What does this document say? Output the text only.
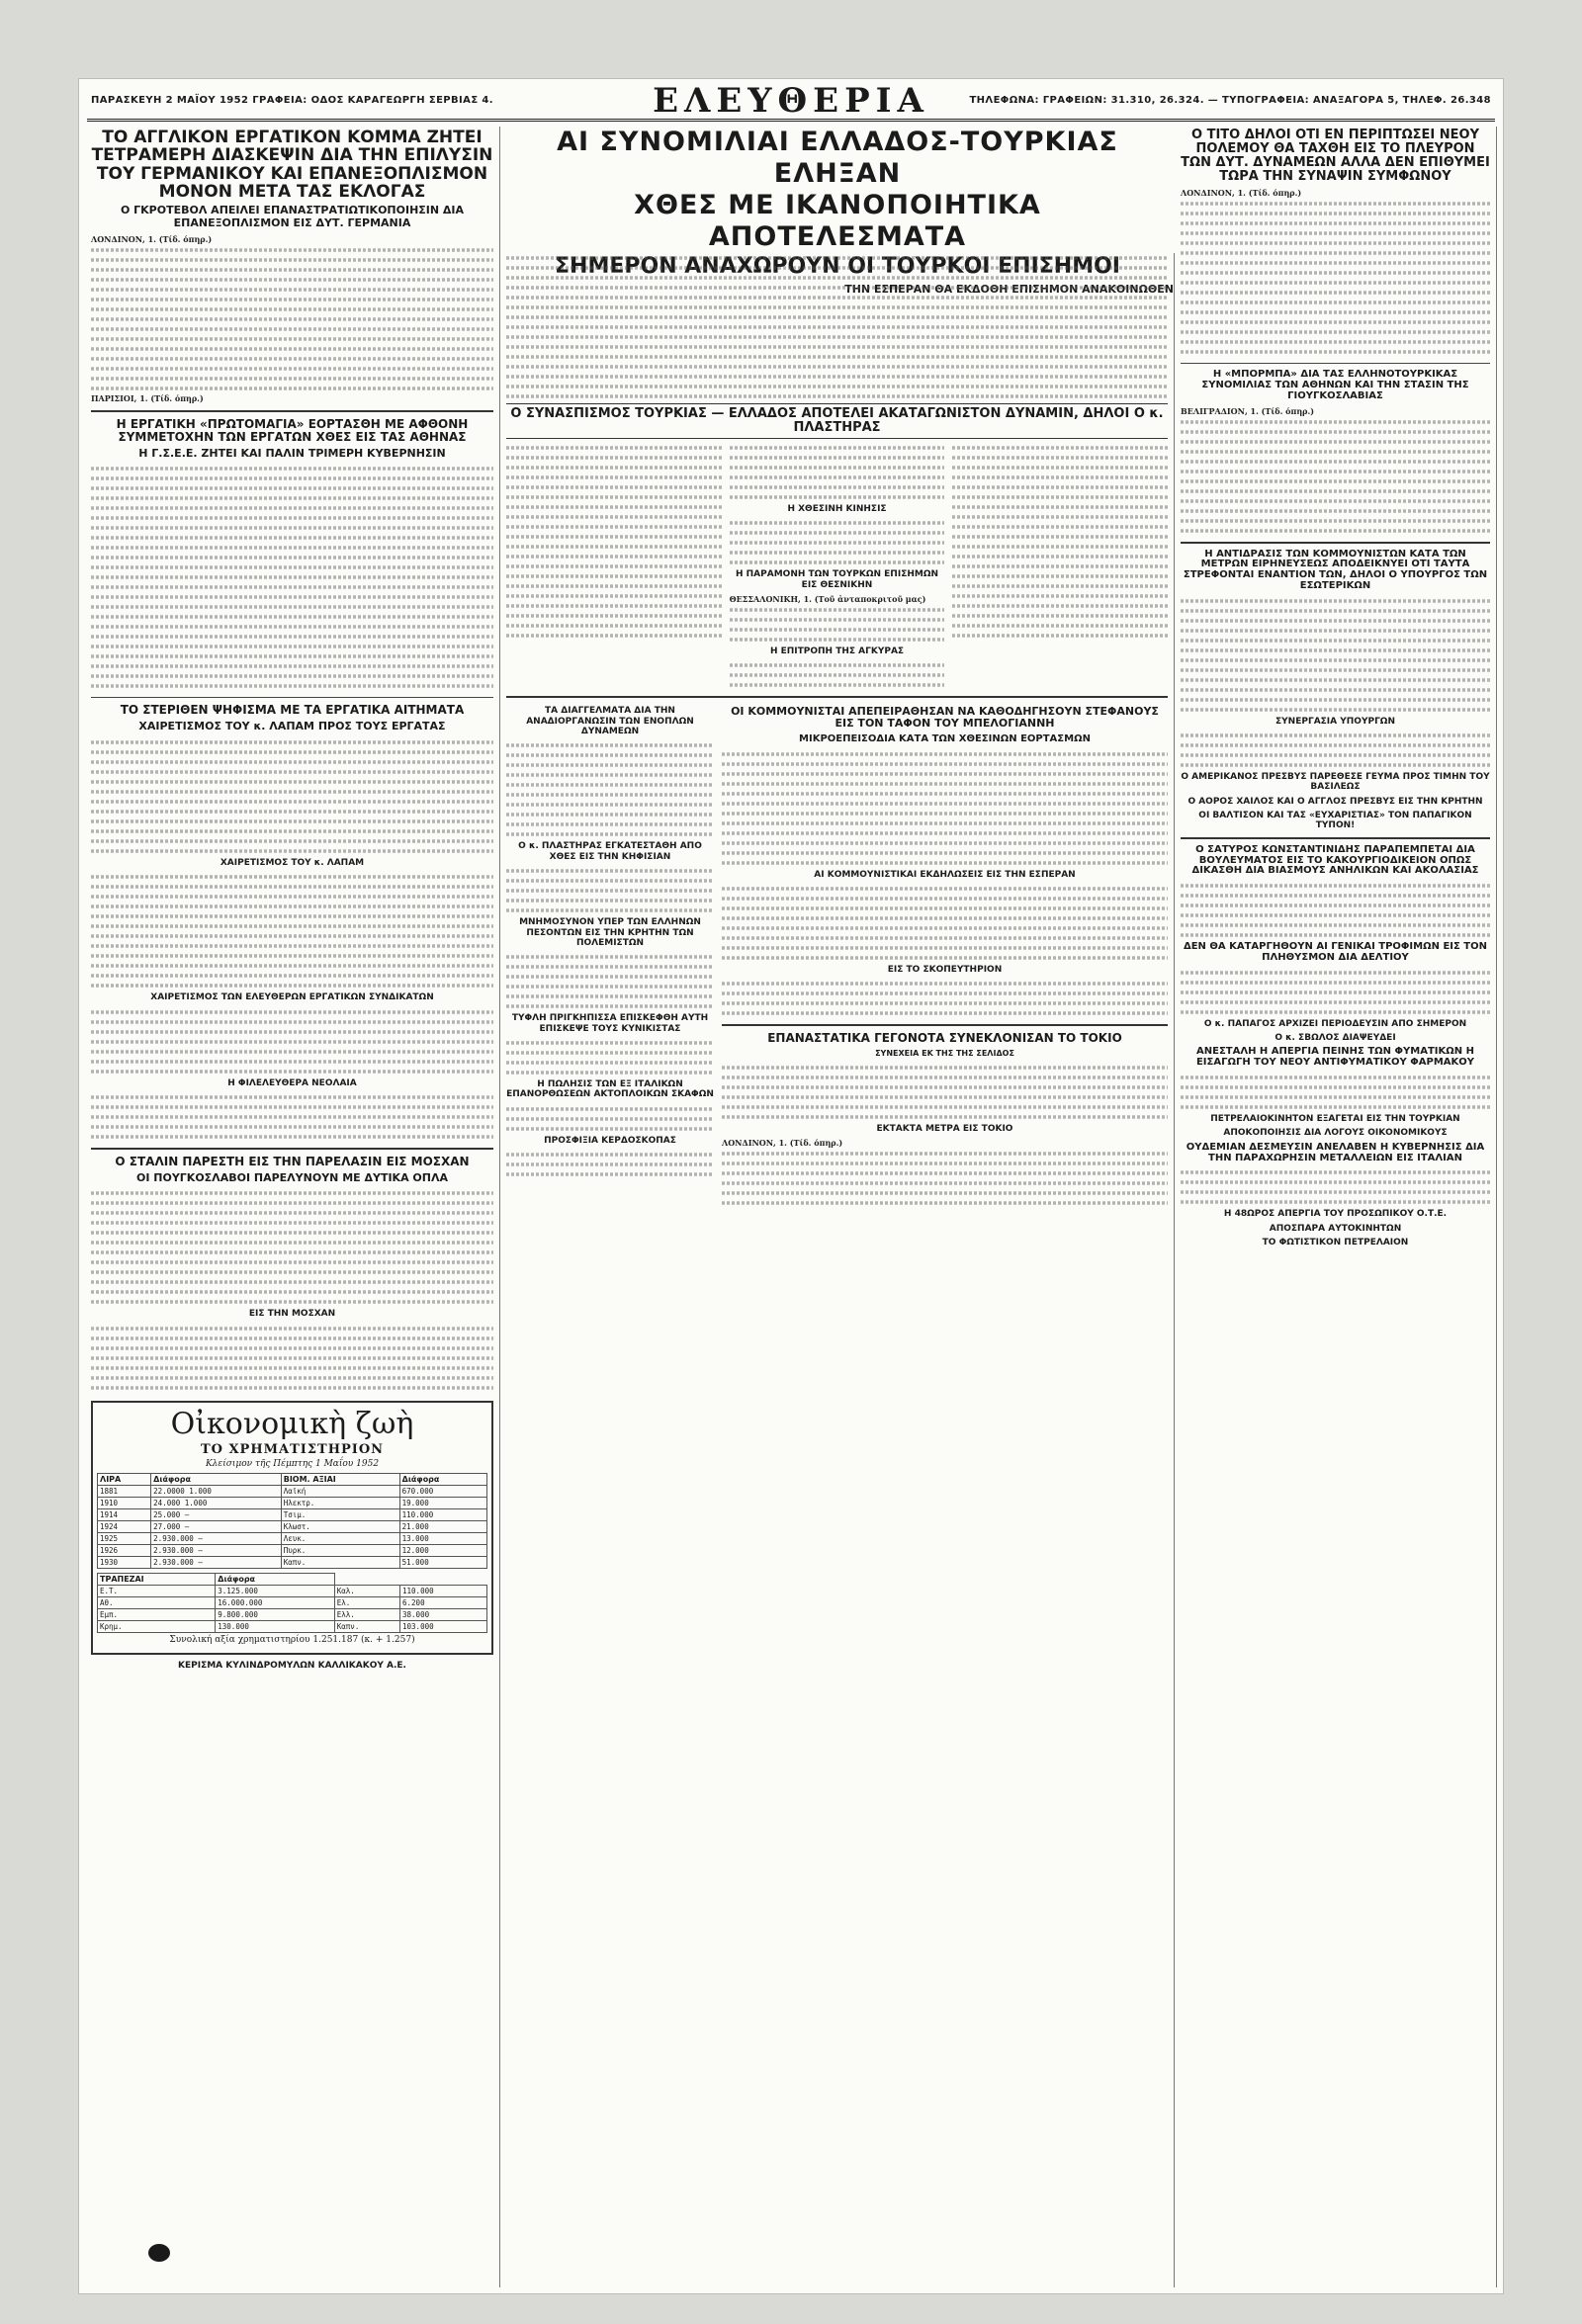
ΠΑΡΑΣΚΕΥΗ 2 ΜΑΪΟΥ 1952 ΓΡΑΦΕΙΑ: ΟΔΟΣ ΚΑΡΑΓΕΩΡΓΗ ΣΕΡΒΙΑΣ 4.	ΕΛΕΥΘΕΡΙΑ	ΤΗΛΕΦΩΝΑ: ΓΡΑΦΕΙΩΝ: 31.310, 26.324. — ΤΥΠΟΓΡΑΦΕΙΑ: ΑΝΑΞΑΓΟΡΑ 5, ΤΗΛΕΦ. 26.348
ΤΟ ΑΓΓΛΙΚΟΝ ΕΡΓΑΤΙΚΟΝ ΚΟΜΜΑ ΖΗΤΕΙ ΤΕΤΡΑΜΕΡΗ ΔΙΑΣΚΕΨΙΝ ΔΙΑ ΤΗΝ ΕΠΙΛΥΣΙΝ ΤΟΥ ΓΕΡΜΑΝΙΚΟΥ ΚΑΙ ΕΠΑΝΕΞΟΠΛΙΣΜΟΝ ΜΟΝΟΝ ΜΕΤΑ ΤΑΣ ΕΚΛΟΓΑΣ
Ο ΓΚΡΟΤΕΒΟΛ ΑΠΕΙΛΕΙ ΕΠΑΝΑΣΤΡΑΤΙΩΤΙΚΟΠΟΙΗΣΙΝ ΔΙΑ ΕΠΑΝΕΞΟΠΛΙΣΜΟΝ ΕΙΣ ΔΥΤ. ΓΕΡΜΑΝΙΑ

ΛΟΝΔΙΝΟΝ, 1. (Τίδ. όπηρ.)

ΠΑΡΙΣΙΟΙ, 1. (Τίδ. όπηρ.)

Η ΕΡΓΑΤΙΚΗ «ΠΡΩΤΟΜΑΓΙΑ» ΕΟΡΤΑΣΘΗ ΜΕ ΑΦΘΟΝΗ ΣΥΜΜΕΤΟΧΗΝ ΤΩΝ ΕΡΓΑΤΩΝ ΧΘΕΣ ΕΙΣ ΤΑΣ ΑΘΗΝΑΣ
Η Γ.Σ.Ε.Ε. ΖΗΤΕΙ ΚΑΙ ΠΑΛΙΝ ΤΡΙΜΕΡΗ ΚΥΒΕΡΝΗΣΙΝ
ΤΟ ΣΤΕΡΙΘΕΝ ΨΗΦΙΣΜΑ ΜΕ ΤΑ ΕΡΓΑΤΙΚΑ ΑΙΤΗΜΑΤΑ
ΧΑΙΡΕΤΙΣΜΟΣ ΤΟΥ κ. ΛΑΠΑΜ ΠΡΟΣ ΤΟΥΣ ΕΡΓΑΤΑΣ
ΧΑΙΡΕΤΙΣΜΟΣ ΤΟΥ κ. ΛΑΠΑΜ
ΧΑΙΡΕΤΙΣΜΟΣ ΤΩΝ ΕΛΕΥΘΕΡΩΝ ΕΡΓΑΤΙΚΩΝ ΣΥΝΔΙΚΑΤΩΝ
Η ΦΙΛΕΛΕΥΘΕΡΑ ΝΕΟΛΑΙΑ
Ο ΣΤΑΛΙΝ ΠΑΡΕΣΤΗ ΕΙΣ ΤΗΝ ΠΑΡΕΛΑΣΙΝ ΕΙΣ ΜΟΣΧΑΝ
ΟΙ ΠΟΥΓΚΟΣΛΑΒΟΙ ΠΑΡΕΛΥΝΟΥΝ ΜΕ ΔΥΤΙΚΑ ΟΠΛΑ
ΕΙΣ ΤΗΝ ΜΟΣΧΑΝ
Οἰκονομικὴ ζωὴ
ΤΟ ΧΡΗΜΑΤΙΣΤΗΡΙΟΝ
Κλείσιμον τῆς Πέμπτης 1 Μαΐου 1952
ΛΙΡΑ	Διάφορα	ΒΙΟΜ. ΑΞΙΑΙ	Διάφορα
1881	22.0000 1.000	Λαϊκή	670.000
1910	24.000 1.000	Ηλεκτρ.	19.000
1914	25.000 —	Τσιμ.	110.000
1924	27.000 —	Κλωστ.	21.000
1925	2.930.000 —	Λευκ.	13.000
1926	2.930.000 —	Πυρκ.	12.000
1930	2.930.000 —	Καπν.	51.000
ΤΡΑΠΕΖΑΙ	Διάφορα		
Ε.Τ.	3.125.000	Καλ.	110.000
Αθ.	16.000.000	Ελ.	6.200
Εμπ.	9.800.000	Ελλ.	38.000
Κρημ.	130.000	Καπν.	103.000
Συνολική αξία χρηματιστηρίου 1.251.187 (κ. + 1.257)
ΚΕΡΙΣΜΑ ΚΥΛΙΝΔΡΟΜΥΛΩΝ ΚΑΛΛΙΚΑΚΟΥ Α.Ε.
ΑΙ ΣΥΝΟΜΙΛΙΑΙ ΕΛΛΑΔΟΣ-ΤΟΥΡΚΙΑΣ ΕΛΗΞΑΝ
ΧΘΕΣ ΜΕ ΙΚΑΝΟΠΟΙΗΤΙΚΑ ΑΠΟΤΕΛΕΣΜΑΤΑ
ΣΗΜΕΡΟΝ ΑΝΑΧΩΡΟΥΝ ΟΙ ΤΟΥΡΚΟΙ ΕΠΙΣΗΜΟΙ
ΤΗΝ ΕΣΠΕΡΑΝ ΘΑ ΕΚΔΟΘΗ ΕΠΙΣΗΜΟΝ ΑΝΑΚΟΙΝΩΘΕΝ
Ο ΣΥΝΑΣΠΙΣΜΟΣ ΤΟΥΡΚΙΑΣ — ΕΛΛΑΔΟΣ ΑΠΟΤΕΛΕΙ ΑΚΑΤΑΓΩΝΙΣΤΟΝ ΔΥΝΑΜΙΝ, ΔΗΛΟΙ Ο κ. ΠΛΑΣΤΗΡΑΣ
Η ΧΘΕΣΙΝΗ ΚΙΝΗΣΙΣ
Η ΠΑΡΑΜΟΝΗ ΤΩΝ ΤΟΥΡΚΩΝ ΕΠΙΣΗΜΩΝ ΕΙΣ ΘΕΣΝΙΚΗΝ

ΘΕΣΣΑΛΟΝΙΚΗ, 1. (Τοῦ ἀνταποκριτοῦ μας)

Η ΕΠΙΤΡΟΠΗ ΤΗΣ ΑΓΚΥΡΑΣ
ΤΑ ΔΙΑΓΓΕΛΜΑΤΑ ΔΙΑ ΤΗΝ ΑΝΑΔΙΟΡΓΑΝΩΣΙΝ ΤΩΝ ΕΝΟΠΛΩΝ ΔΥΝΑΜΕΩΝ
Ο κ. ΠΛΑΣΤΗΡΑΣ ΕΓΚΑΤΕΣΤΑΘΗ ΑΠΟ ΧΘΕΣ ΕΙΣ ΤΗΝ ΚΗΦΙΣΙΑΝ
ΜΝΗΜΟΣΥΝΟΝ ΥΠΕΡ ΤΩΝ ΕΛΛΗΝΩΝ ΠΕΣΟΝΤΩΝ ΕΙΣ ΤΗΝ ΚΡΗΤΗΝ ΤΩΝ ΠΟΛΕΜΙΣΤΩΝ
ΤΥΦΛΗ ΠΡΙΓΚΗΠΙΣΣΑ ΕΠΙΣΚΕΦΘΗ ΑΥΤΗ ΕΠΙΣΚΕΨΕ ΤΟΥΣ ΚΥΝΙΚΙΣΤΑΣ
Η ΠΩΛΗΣΙΣ ΤΩΝ ΕΞ ΙΤΑΛΙΚΩΝ ΕΠΑΝΟΡΘΩΣΕΩΝ ΑΚΤΟΠΛΟΙΚΩΝ ΣΚΑΦΩΝ
ΠΡΟΣΦΙΞΙΑ ΚΕΡΔΟΣΚΟΠΑΣ
ΟΙ ΚΟΜΜΟΥΝΙΣΤΑΙ ΑΠΕΠΕΙΡΑΘΗΣΑΝ ΝΑ ΚΑΘΟΔΗΓΗΣΟΥΝ ΣΤΕΦΑΝΟΥΣ ΕΙΣ ΤΟΝ ΤΑΦΟΝ ΤΟΥ ΜΠΕΛΟΓΙΑΝΝΗ
ΜΙΚΡΟΕΠΕΙΣΟΔΙΑ ΚΑΤΑ ΤΩΝ ΧΘΕΣΙΝΩΝ ΕΟΡΤΑΣΜΩΝ
ΑΙ ΚΟΜΜΟΥΝΙΣΤΙΚΑΙ ΕΚΔΗΛΩΣΕΙΣ ΕΙΣ ΤΗΝ ΕΣΠΕΡΑΝ
ΕΙΣ ΤΟ ΣΚΟΠΕΥΤΗΡΙΟΝ
ΕΠΑΝΑΣΤΑΤΙΚΑ ΓΕΓΟΝΟΤΑ ΣΥΝΕΚΛΟΝΙΣΑΝ ΤΟ ΤΟΚΙΟ
ΣΥΝΕΧΕΙΑ ΕΚ ΤΗΣ ΤΗΣ ΣΕΛΙΔΟΣ
ΕΚΤΑΚΤΑ ΜΕΤΡΑ ΕΙΣ ΤΟΚΙΟ

ΛΟΝΔΙΝΟΝ, 1. (Τίδ. όπηρ.)

Ο ΤΙΤΟ ΔΗΛΟΙ ΟΤΙ ΕΝ ΠΕΡΙΠΤΩΣΕΙ ΝΕΟΥ ΠΟΛΕΜΟΥ ΘΑ ΤΑΧΘΗ ΕΙΣ ΤΟ ΠΛΕΥΡΟΝ ΤΩΝ ΔΥΤ. ΔΥΝΑΜΕΩΝ ΑΛΛΑ ΔΕΝ ΕΠΙΘΥΜΕΙ ΤΩΡΑ ΤΗΝ ΣΥΝΑΨΙΝ ΣΥΜΦΩΝΟΥ

ΛΟΝΔΙΝΟΝ, 1. (Τίδ. όπηρ.)

Η «ΜΠΟΡΜΠΑ» ΔΙΑ ΤΑΣ ΕΛΛΗΝΟΤΟΥΡΚΙΚΑΣ ΣΥΝΟΜΙΛΙΑΣ ΤΩΝ ΑΘΗΝΩΝ ΚΑΙ ΤΗΝ ΣΤΑΣΙΝ ΤΗΣ ΓΙΟΥΓΚΟΣΛΑΒΙΑΣ

ΒΕΛΙΓΡΑΔΙΟΝ, 1. (Τίδ. όπηρ.)

Η ΑΝΤΙΔΡΑΣΙΣ ΤΩΝ ΚΟΜΜΟΥΝΙΣΤΩΝ ΚΑΤΑ ΤΩΝ ΜΕΤΡΩΝ ΕΙΡΗΝΕΥΣΕΩΣ ΑΠΟΔΕΙΚΝΥΕΙ ΟΤΙ ΤΑΥΤΑ ΣΤΡΕΦΟΝΤΑΙ ΕΝΑΝΤΙΟΝ ΤΩΝ, ΔΗΛΟΙ Ο ΥΠΟΥΡΓΟΣ ΤΩΝ ΕΣΩΤΕΡΙΚΩΝ
ΣΥΝΕΡΓΑΣΙΑ ΥΠΟΥΡΓΩΝ
Ο ΑΜΕΡΙΚΑΝΟΣ ΠΡΕΣΒΥΣ ΠΑΡΕΘΕΣΕ ΓΕΥΜΑ ΠΡΟΣ ΤΙΜΗΝ ΤΟΥ ΒΑΣΙΛΕΩΣ
Ο ΑΟΡΟΣ ΧΑΙΛΟΣ ΚΑΙ Ο ΑΓΓΛΟΣ ΠΡΕΣΒΥΣ ΕΙΣ ΤΗΝ ΚΡΗΤΗΝ
ΟΙ ΒΑΛΤΙΣΟΝ ΚΑΙ ΤΑΣ «ΕΥΧΑΡΙΣΤΙΑΣ» ΤΟΝ ΠΑΠΑΓΙΚΟΝ ΤΥΠΟΝ!
Ο ΣΑΤΥΡΟΣ ΚΩΝΣΤΑΝΤΙΝΙΔΗΣ ΠΑΡΑΠΕΜΠΕΤΑΙ ΔΙΑ ΒΟΥΛΕΥΜΑΤΟΣ ΕΙΣ ΤΟ ΚΑΚΟΥΡΓΙΟΔΙΚΕΙΟΝ ΟΠΩΣ ΔΙΚΑΣΘΗ ΔΙΑ ΒΙΑΣΜΟΥΣ ΑΝΗΛΙΚΩΝ ΚΑΙ ΑΚΟΛΑΣΙΑΣ
ΔΕΝ ΘΑ ΚΑΤΑΡΓΗΘΟΥΝ ΑΙ ΓΕΝΙΚΑΙ ΤΡΟΦΙΜΩΝ ΕΙΣ ΤΟΝ ΠΛΗΘΥΣΜΟΝ ΔΙΑ ΔΕΛΤΙΟΥ
Ο κ. ΠΑΠΑΓΟΣ ΑΡΧΙΖΕΙ ΠΕΡΙΟΔΕΥΣΙΝ ΑΠΟ ΣΗΜΕΡΟΝ
Ο κ. ΣΒΩΛΟΣ ΔΙΑΨΕΥΔΕΙ
ΑΝΕΣΤΑΛΗ Η ΑΠΕΡΓΙΑ ΠΕΙΝΗΣ ΤΩΝ ΦΥΜΑΤΙΚΩΝ Η ΕΙΣΑΓΩΓΗ ΤΟΥ ΝΕΟΥ ΑΝΤΙΦΥΜΑΤΙΚΟΥ ΦΑΡΜΑΚΟΥ
ΠΕΤΡΕΛΑΙΟΚΙΝΗΤΟΝ ΕΞΑΓΕΤΑΙ ΕΙΣ ΤΗΝ ΤΟΥΡΚΙΑΝ
ΑΠΟΚΟΠΟΙΗΣΙΣ ΔΙΑ ΛΟΓΟΥΣ ΟΙΚΟΝΟΜΙΚΟΥΣ
ΟΥΔΕΜΙΑΝ ΔΕΣΜΕΥΣΙΝ ΑΝΕΛΑΒΕΝ Η ΚΥΒΕΡΝΗΣΙΣ ΔΙΑ ΤΗΝ ΠΑΡΑΧΩΡΗΣΙΝ ΜΕΤΑΛΛΕΙΩΝ ΕΙΣ ΙΤΑΛΙΑΝ
Η 48ΩΡΟΣ ΑΠΕΡΓΙΑ ΤΟΥ ΠΡΟΣΩΠΙΚΟΥ Ο.Τ.Ε.
ΑΠΟΣΠΑΡΑ ΑΥΤΟΚΙΝΗΤΩΝ
ΤΟ ΦΩΤΙΣΤΙΚΟΝ ΠΕΤΡΕΛΑΙΟΝ
